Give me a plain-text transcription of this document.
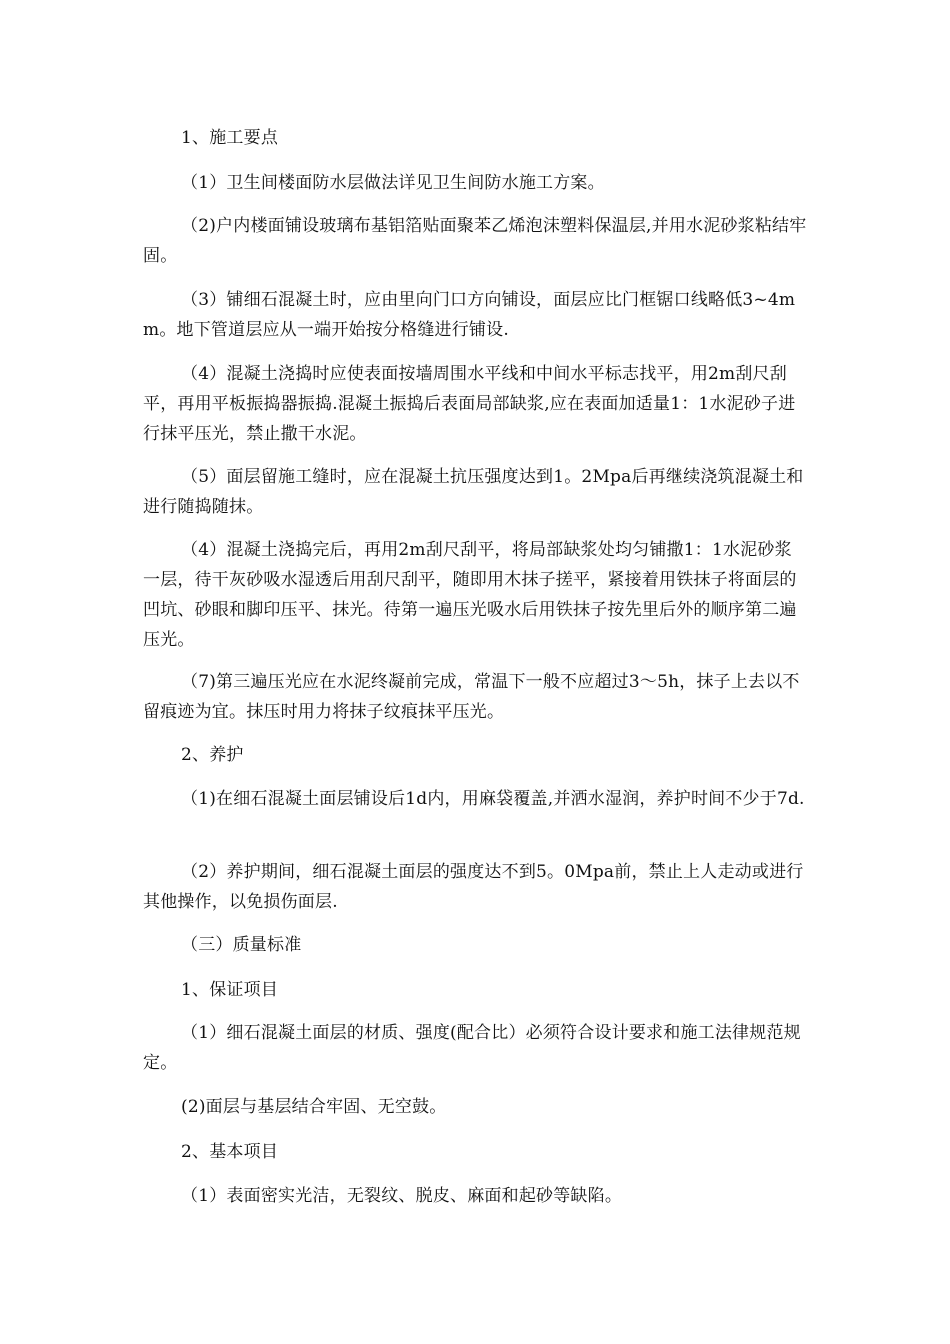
1、施工要点
（1）卫生间楼面防水层做法详见卫生间防水施工方案。
（2)户内楼面铺设玻璃布基铝箔贴面聚苯乙烯泡沫塑料保温层,并用水泥砂浆粘结牢固。
（3）铺细石混凝土时，应由里向门口方向铺设，面层应比门框锯口线略低3~4mm。地下管道层应从一端开始按分格缝进行铺设.
（4）混凝土浇捣时应使表面按墙周围水平线和中间水平标志找平，用2m刮尺刮平，再用平板振捣器振捣.混凝土振捣后表面局部缺浆,应在表面加适量1：1水泥砂子进行抹平压光，禁止撒干水泥。
（5）面层留施工缝时，应在混凝土抗压强度达到1。2Mpa后再继续浇筑混凝土和进行随捣随抹。
（4）混凝土浇捣完后，再用2m刮尺刮平，将局部缺浆处均匀铺撒1：1水泥砂浆一层，待干灰砂吸水湿透后用刮尺刮平，随即用木抹子搓平，紧接着用铁抹子将面层的凹坑、砂眼和脚印压平、抹光。待第一遍压光吸水后用铁抹子按先里后外的顺序第二遍压光。
（7)第三遍压光应在水泥终凝前完成，常温下一般不应超过3～5h，抹子上去以不留痕迹为宜。抹压时用力将抹子纹痕抹平压光。
2、养护
（1)在细石混凝土面层铺设后1d内，用麻袋覆盖,并洒水湿润，养护时间不少于7d.
（2）养护期间，细石混凝土面层的强度达不到5。0Mpa前，禁止上人走动或进行其他操作，以免损伤面层.
（三）质量标准
1、保证项目
（1）细石混凝土面层的材质、强度(配合比）必须符合设计要求和施工法律规范规定。
(2)面层与基层结合牢固、无空鼓。
2、基本项目
（1）表面密实光洁，无裂纹、脱皮、麻面和起砂等缺陷。
